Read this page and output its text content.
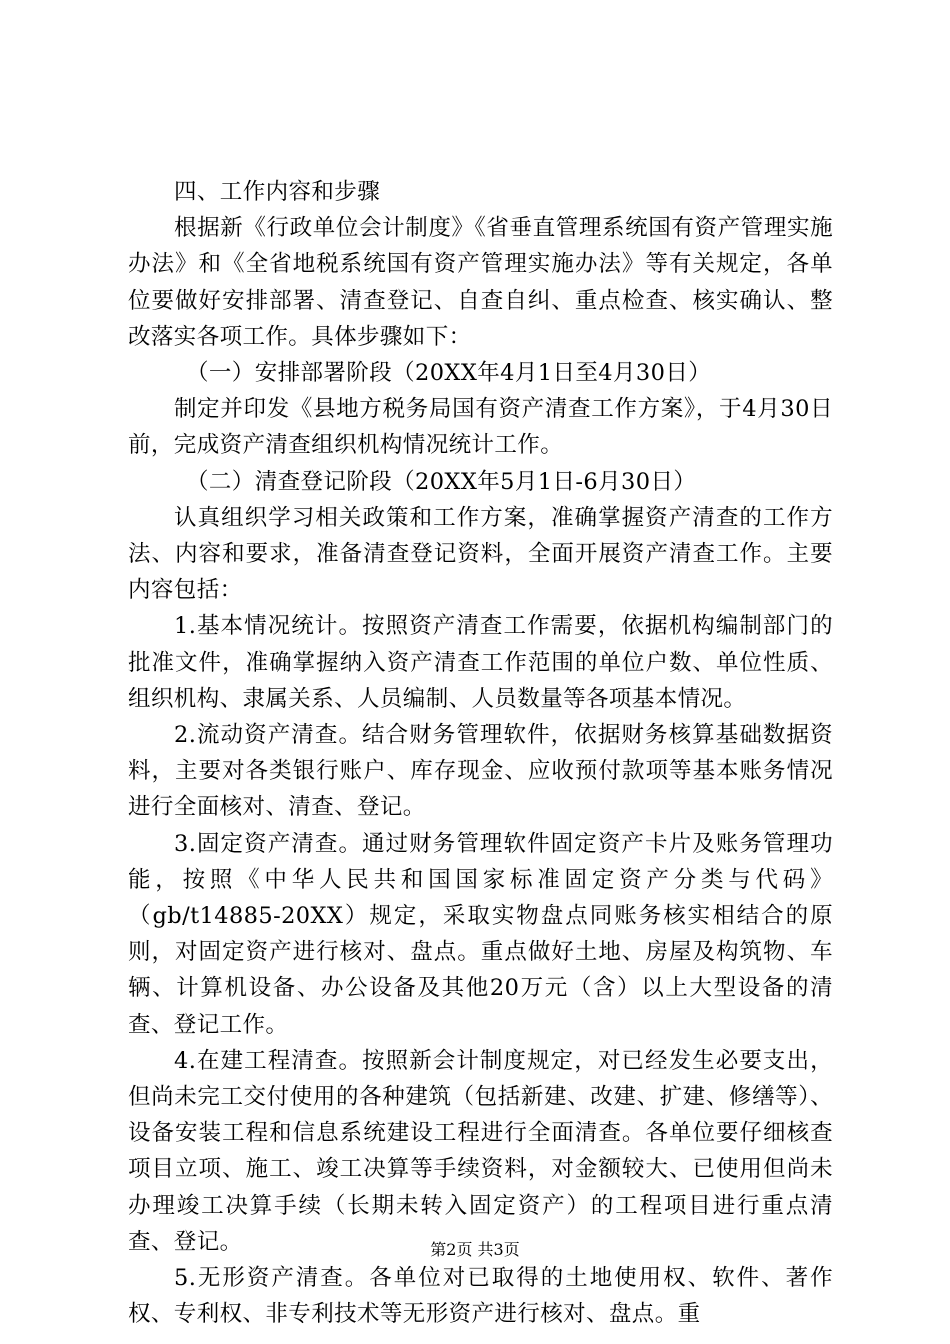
四、工作内容和步骤

根据新《行政单位会计制度》《省垂直管理系统国有资产管理实施办法》和《全省地税系统国有资产管理实施办法》等有关规定，各单位要做好安排部署、清查登记、自查自纠、重点检查、核实确认、整改落实各项工作。具体步骤如下：

（一）安排部署阶段（20XX年4月1日至4月30日）

制定并印发《县地方税务局国有资产清查工作方案》，于4月30日前，完成资产清查组织机构情况统计工作。

（二）清查登记阶段（20XX年5月1日-6月30日）

认真组织学习相关政策和工作方案，准确掌握资产清查的工作方法、内容和要求，准备清查登记资料，全面开展资产清查工作。主要内容包括：

1.基本情况统计。按照资产清查工作需要，依据机构编制部门的批准文件，准确掌握纳入资产清查工作范围的单位户数、单位性质、组织机构、隶属关系、人员编制、人员数量等各项基本情况。

2.流动资产清查。结合财务管理软件，依据财务核算基础数据资料，主要对各类银行账户、库存现金、应收预付款项等基本账务情况进行全面核对、清查、登记。

3.固定资产清查。通过财务管理软件固定资产卡片及账务管理功能，按照《中华人民共和国国家标准固定资产分类与代码》（gb/t14885-20XX）规定，采取实物盘点同账务核实相结合的原则，对固定资产进行核对、盘点。重点做好土地、房屋及构筑物、车辆、计算机设备、办公设备及其他20万元（含）以上大型设备的清查、登记工作。

4.在建工程清查。按照新会计制度规定，对已经发生必要支出，但尚未完工交付使用的各种建筑（包括新建、改建、扩建、修缮等）、设备安装工程和信息系统建设工程进行全面清查。各单位要仔细核查项目立项、施工、竣工决算等手续资料，对金额较大、已使用但尚未办理竣工决算手续（长期未转入固定资产）的工程项目进行重点清查、登记。

5.无形资产清查。各单位对已取得的土地使用权、软件、著作权、专利权、非专利技术等无形资产进行核对、盘点。重

第2页 共3页
